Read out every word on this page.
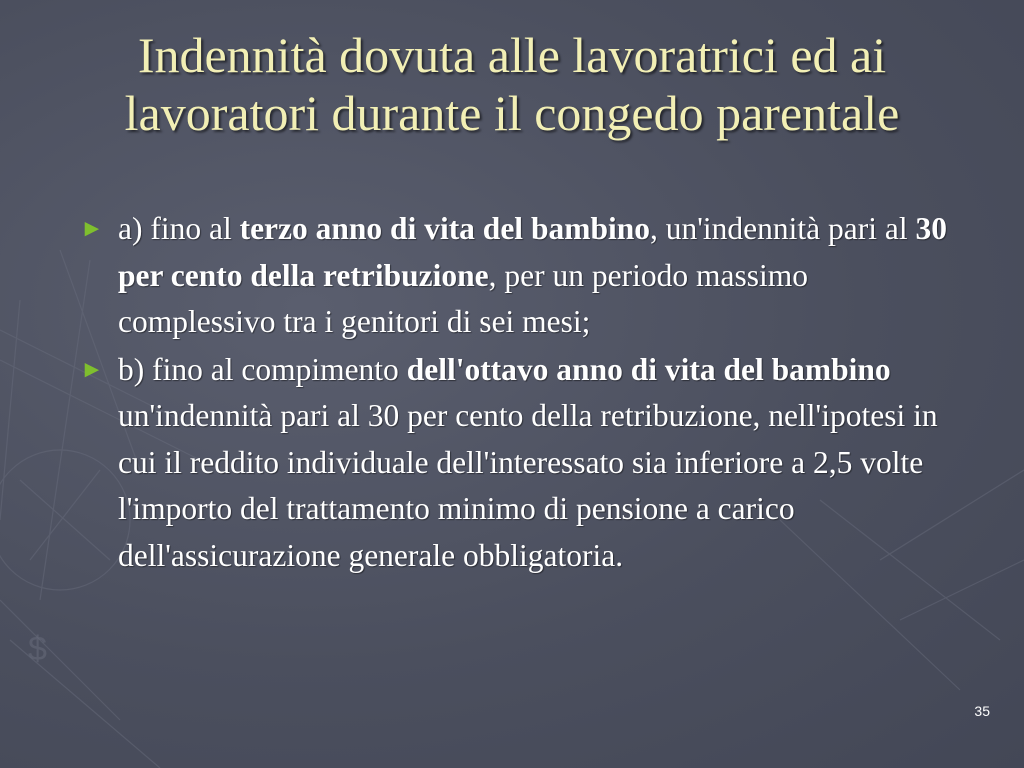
$
Indennità dovuta alle lavoratrici ed ai
lavoratori durante il congedo parentale
► a) fino al terzo anno di vita del bambino, un'indennità pari al 30 per cento della retribuzione, per un periodo massimo complessivo tra i genitori di sei mesi;
► b) fino al compimento dell'ottavo anno di vita del bambino un'indennità pari al 30 per cento della retribuzione, nell'ipotesi in cui il reddito individuale dell'interessato sia inferiore a 2,5 volte l'importo del trattamento minimo di pensione a carico dell'assicurazione generale obbligatoria.
35
